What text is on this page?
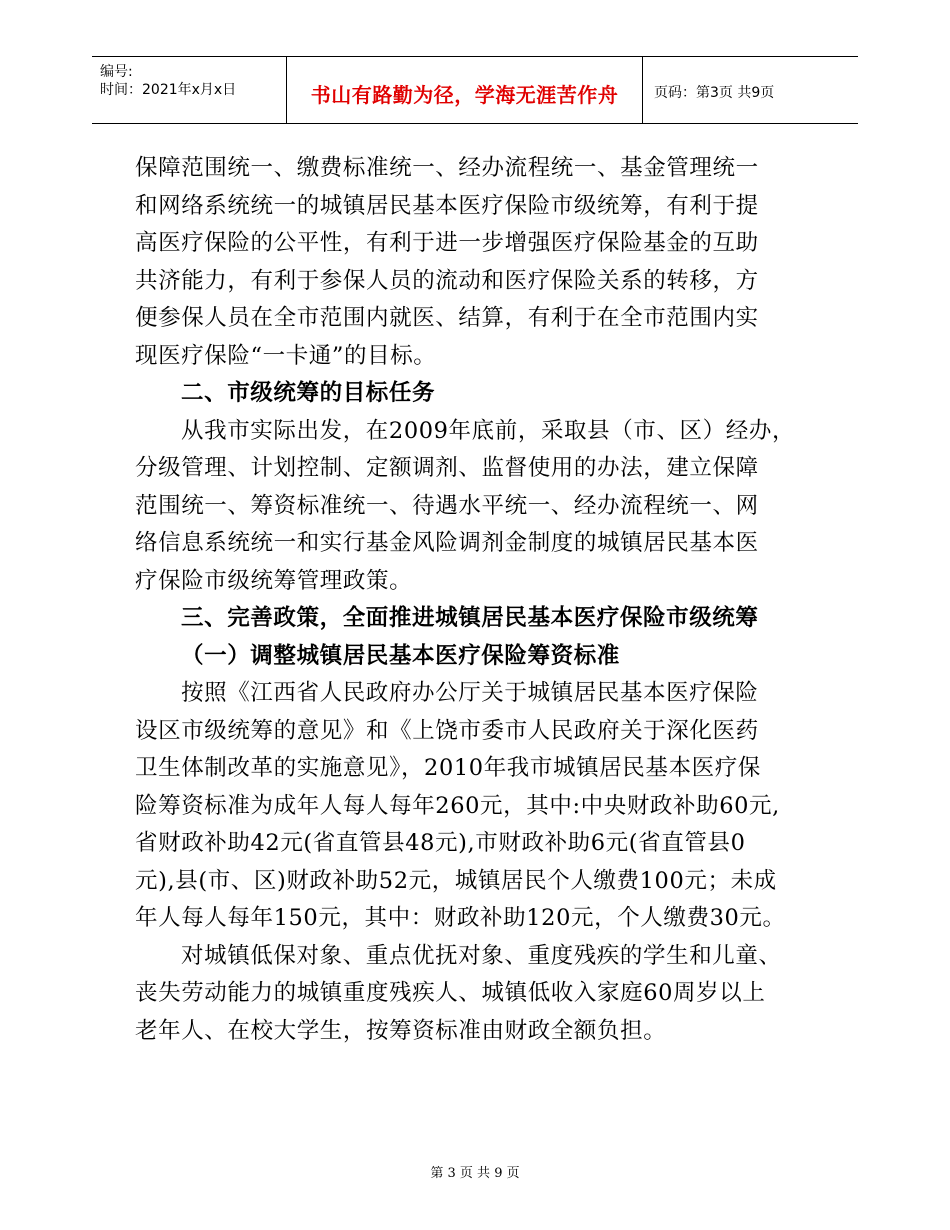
编号:
时间：2021年x月x日	书山有路勤为径，学海无涯苦作舟	页码：第3页 共9页
保障范围统一、缴费标准统一、经办流程统一、基金管理统一
和网络系统统一的城镇居民基本医疗保险市级统筹，有利于提
高医疗保险的公平性，有利于进一步增强医疗保险基金的互助
共济能力，有利于参保人员的流动和医疗保险关系的转移，方
便参保人员在全市范围内就医、结算，有利于在全市范围内实
现医疗保险“一卡通”的目标。
二、市级统筹的目标任务
从我市实际出发，在2009年底前，采取县（市、区）经办，
分级管理、计划控制、定额调剂、监督使用的办法，建立保障
范围统一、筹资标准统一、待遇水平统一、经办流程统一、网
络信息系统统一和实行基金风险调剂金制度的城镇居民基本医
疗保险市级统筹管理政策。
三、完善政策，全面推进城镇居民基本医疗保险市级统筹
（一）调整城镇居民基本医疗保险筹资标准
按照《江西省人民政府办公厅关于城镇居民基本医疗保险
设区市级统筹的意见》和《上饶市委市人民政府关于深化医药
卫生体制改革的实施意见》，2010年我市城镇居民基本医疗保
险筹资标准为成年人每人每年260元，其中:中央财政补助60元,
省财政补助42元(省直管县48元),市财政补助6元(省直管县0
元),县(市、区)财政补助52元，城镇居民个人缴费100元；未成
年人每人每年150元，其中：财政补助120元，个人缴费30元。
对城镇低保对象、重点优抚对象、重度残疾的学生和儿童、
丧失劳动能力的城镇重度残疾人、城镇低收入家庭60周岁以上
老年人、在校大学生，按筹资标准由财政全额负担。
第 3 页 共 9 页
